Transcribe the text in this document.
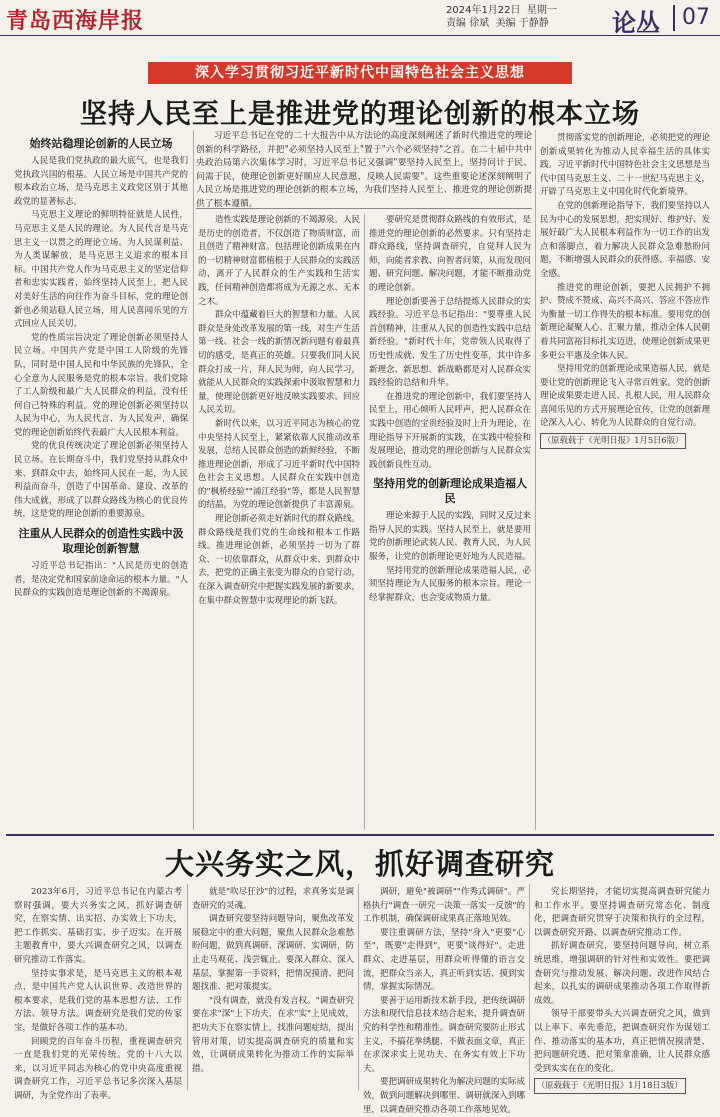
青岛西海岸报	2024年1月22日 星期一
责编 徐斌 美编 于静静	论丛	07
深入学习贯彻习近平新时代中国特色社会主义思想
坚持人民至上是推进党的理论创新的根本立场

习近平总书记在党的二十大报告中从方法论的高度深刻阐述了新时代推进党的理论创新的科学路径，并把"必须坚持人民至上"置于"六个必须坚持"之首。在二十届中共中央政治局第六次集体学习时，习近平总书记又强调"要坚持人民至上，坚持问计于民、问需于民，使理论创新更好顺应人民意愿、反映人民需要"。这些重要论述深刻阐明了人民立场是推进党的理论创新的根本立场，为我们坚持人民至上、推进党的理论创新提供了根本遵循。

始终站稳理论创新的人民立场

人民是我们党执政的最大底气，也是我们党执政兴国的根基。人民立场是中国共产党的根本政治立场，是马克思主义政党区别于其他政党的显著标志。

马克思主义理论的鲜明特征就是人民性，马克思主义是人民的理论。为人民代言是马克思主义一以贯之的理论立场。为人民谋利益、为人类谋解放，是马克思主义追求的根本目标。中国共产党人作为马克思主义的坚定信仰者和忠实实践者，始终坚持人民至上，把人民对美好生活的向往作为奋斗目标，党的理论创新也必须站稳人民立场，用人民喜闻乐见的方式回应人民关切。

党的性质宗旨决定了理论创新必须坚持人民立场。中国共产党是中国工人阶级的先锋队，同时是中国人民和中华民族的先锋队，全心全意为人民服务是党的根本宗旨。我们党除了工人阶级和最广大人民群众的利益，没有任何自己特殊的利益。党的理论创新必须坚持以人民为中心，为人民代言、为人民发声，确保党的理论创新始终代表最广大人民根本利益。

党的优良传统决定了理论创新必须坚持人民立场。在长期奋斗中，我们党坚持从群众中来、到群众中去，始终同人民在一起，为人民利益而奋斗，创造了中国革命、建设、改革的伟大成就，形成了以群众路线为核心的优良传统，这是党的理论创新的重要源泉。

注重从人民群众的创造性实践中汲取理论创新智慧

习近平总书记指出："人民是历史的创造者，是决定党和国家前途命运的根本力量。"人民群众的实践创造是理论创新的不竭源泉。

造性实践是理论创新的不竭源泉。人民是历史的创造者，不仅创造了物质财富，而且创造了精神财富。包括理论创新成果在内的一切精神财富都植根于人民群众的实践活动，离开了人民群众的生产实践和生活实践，任何精神创造都将成为无源之水、无本之木。

群众中蕴藏着巨大的智慧和力量。人民群众是身处改革发展的第一线，对生产生活第一线、社会一线的新情况新问题有着最真切的感受，是真正的英雄。只要我们同人民群众打成一片，拜人民为师，向人民学习，就能从人民群众的实践探索中汲取智慧和力量，使理论创新更好地反映实践要求、回应人民关切。

新时代以来，以习近平同志为核心的党中央坚持人民至上，紧紧依靠人民推动改革发展，总结人民群众创造的新鲜经验，不断推进理论创新，形成了习近平新时代中国特色社会主义思想。人民群众在实践中创造的"枫桥经验""浦江经验"等，都是人民智慧的结晶，为党的理论创新提供了丰富源泉。

理论创新必须走好新时代的群众路线。群众路线是我们党的生命线和根本工作路线。推进理论创新，必须坚持一切为了群众、一切依靠群众，从群众中来、到群众中去，把党的正确主张变为群众的自觉行动，在深入调查研究中把握实践发展的新要求，在集中群众智慧中实现理论的新飞跃。

要研究是贯彻群众路线的有效形式，是推进党的理论创新的必然要求。只有坚持走群众路线，坚持调查研究，自觉拜人民为师，向能者求教、向智者问策，从而发现问题、研究问题、解决问题，才能不断推动党的理论创新。

理论创新要善于总结提炼人民群众的实践经验。习近平总书记指出："要尊重人民首创精神，注重从人民的创造性实践中总结新经验。"新时代十年，党带领人民取得了历史性成就、发生了历史性变革，其中许多新理念、新思想、新战略都是对人民群众实践经验的总结和升华。

在推进党的理论创新中，我们要坚持人民至上，用心倾听人民呼声，把人民群众在实践中创造的宝贵经验及时上升为理论，在理论指导下开展新的实践，在实践中检验和发展理论，推动党的理论创新与人民群众实践创新良性互动。

坚持用党的创新理论成果造福人民

理论来源于人民的实践，同时又反过来指导人民的实践。坚持人民至上，就是要用党的创新理论武装人民、教育人民，为人民服务，让党的创新理论更好地为人民造福。

坚持用党的创新理论成果造福人民，必须坚持理论为人民服务的根本宗旨。理论一经掌握群众，也会变成物质力量。

贯彻落实党的创新理论，必须把党的理论创新成果转化为推动人民幸福生活的具体实践。习近平新时代中国特色社会主义思想是当代中国马克思主义、二十一世纪马克思主义，开辟了马克思主义中国化时代化新境界。

在党的创新理论指导下，我们要坚持以人民为中心的发展思想，把实现好、维护好、发展好最广大人民根本利益作为一切工作的出发点和落脚点，着力解决人民群众急难愁盼问题，不断增强人民群众的获得感、幸福感、安全感。

推进党的理论创新，要把人民拥护不拥护、赞成不赞成、高兴不高兴、答应不答应作为衡量一切工作得失的根本标准。要用党的创新理论凝聚人心、汇聚力量，推动全体人民朝着共同富裕目标扎实迈进，使理论创新成果更多更公平惠及全体人民。

坚持用党的创新理论成果造福人民，就是要让党的创新理论飞入寻常百姓家。党的创新理论成果要走进人民、扎根人民，用人民群众喜闻乐见的方式开展理论宣传，让党的创新理论深入人心、转化为人民群众的自觉行动。

（原载载于《光明日报》1月5日6版）
大兴务实之风，抓好调查研究

2023年6月，习近平总书记在内蒙古考察时强调，要大兴务实之风，抓好调查研究，在察实情、出实招、办实效上下功夫，把工作抓实、基础打实、步子迈实。在开展主题教育中，要大兴调查研究之风，以调查研究推动工作落实。

坚持实事求是，是马克思主义的根本观点，是中国共产党人认识世界、改造世界的根本要求，是我们党的基本思想方法、工作方法、领导方法。调查研究是我们党的传家宝，是做好各项工作的基本功。

回顾党的百年奋斗历程，重视调查研究一直是我们党的光荣传统。党的十八大以来，以习近平同志为核心的党中央高度重视调查研究工作，习近平总书记多次深入基层调研，为全党作出了表率。

就是"吹尽狂沙"的过程，求真务实是调查研究的灵魂。

调查研究要坚持问题导向，聚焦改革发展稳定中的重大问题，聚焦人民群众急难愁盼问题，做到真调研、深调研、实调研，防止走马观花、浅尝辄止。要深入群众、深入基层，掌握第一手资料，把情况摸清、把问题找准、把对策提实。

"没有调查，就没有发言权。"调查研究要在求"深"上下功夫，在求"实"上见成效，把功夫下在察实情上，找准问题症结，提出管用对策，切实提高调查研究的质量和实效，让调研成果转化为推动工作的实际举措。

调研，避免"被调研""作秀式调研"。严格执行"调查一研究一决策一落实一反馈"的工作机制，确保调研成果真正落地见效。

要注重调研方法，坚持"身入"更要"心至"，既要"走得到"，更要"谈得好"。走进群众、走进基层，用群众听得懂的语言交流，把群众当亲人，真正听到实话、摸到实情，掌握实际情况。

要善于运用新技术新手段，把传统调研方法和现代信息技术结合起来，提升调查研究的科学性和精准性。调查研究要防止形式主义，不搞花拳绣腿、不做表面文章，真正在求深求实上见功夫、在务实有效上下功夫。

要把调研成果转化为解决问题的实际成效，做到问题解决到哪里、调研就深入到哪里，以调查研究推动各项工作落地见效。

究长期坚持，才能切实提高调查研究能力和工作水平。要坚持调查研究常态化、制度化，把调查研究贯穿于决策和执行的全过程，以调查研究开路、以调查研究推动工作。

抓好调查研究，要坚持问题导向，树立系统思维，增强调研的针对性和实效性。要把调查研究与推动发展、解决问题、改进作风结合起来，以扎实的调研成果推动各项工作取得新成效。

领导干部要带头大兴调查研究之风，做到以上率下、率先垂范，把调查研究作为谋划工作、推动落实的基本功，真正把情况摸清楚、把问题研究透、把对策拿准确，让人民群众感受到实实在在的变化。

（原载载于《光明日报》1月18日3版）
